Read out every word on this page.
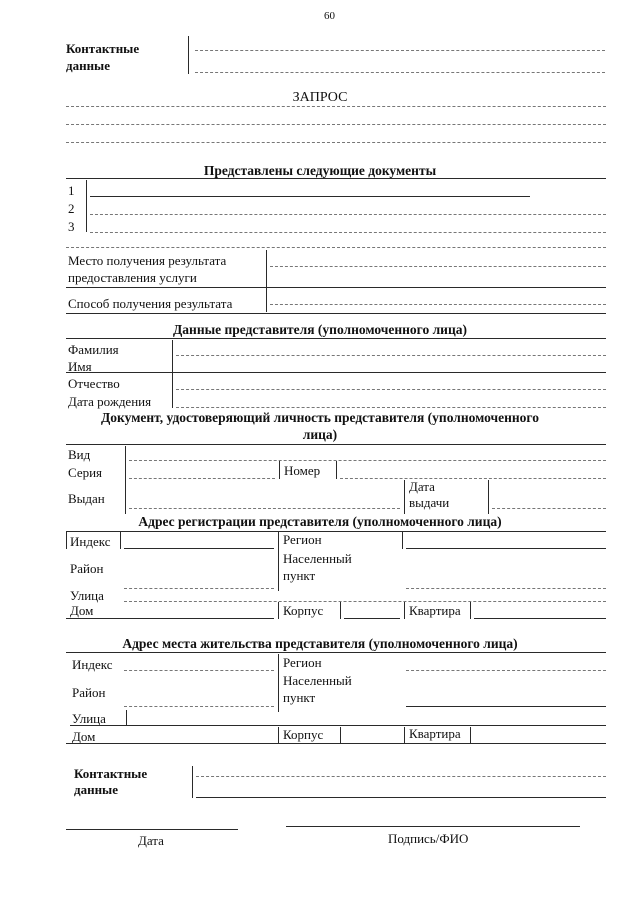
60
Контактные
данные
ЗАПРОС
Представлены следующие документы
1
2
3
Место получения результата
предоставления услуги
Способ получения результата
Данные представителя (уполномоченного лица)
Фамилия
Имя
Отчество
Дата рождения
Документ, удостоверяющий личность представителя (уполномоченного
лица)
Вид
Серия	Номер
Выдан
Дата
выдачи
Адрес регистрации представителя (уполномоченного лица)
Индекс	Регион
Район
Населенный
пункт
Улица
Дом	Корпус	Квартира
Адрес места жительства представителя (уполномоченного лица)
Индекс	Регион
Район
Населенный
пункт
Улица
Дом	Корпус	Квартира
Контактные
данные
Дата	Подпись/ФИО
